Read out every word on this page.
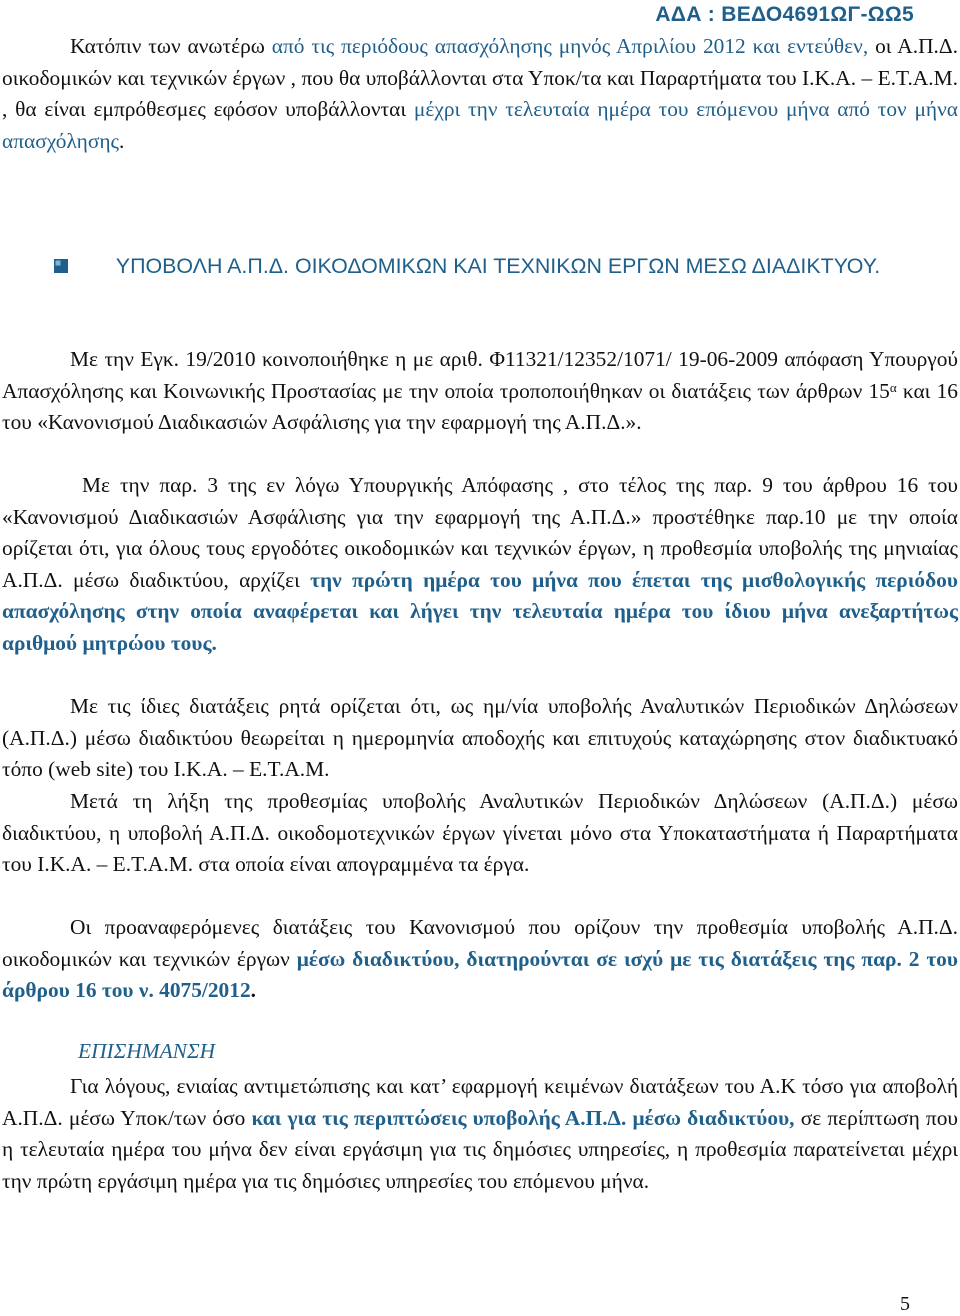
ΑΔΑ : ΒΕΔΟ4691ΩΓ-ΩΩ5
Κατόπιν των ανωτέρω από τις περιόδους απασχόλησης μηνός Απριλίου 2012 και εντεύθεν, οι Α.Π.Δ. οικοδομικών και τεχνικών έργων , που θα υποβάλλονται στα Υποκ/τα και Παραρτήματα του Ι.Κ.Α. – Ε.Τ.Α.Μ. , θα είναι εμπρόθεσμες εφόσον υποβάλλονται μέχρι την τελευταία ημέρα του επόμενου μήνα από τον μήνα απασχόλησης.
ΥΠΟΒΟΛΗ Α.Π.Δ. ΟΙΚΟΔΟΜΙΚΩΝ ΚΑΙ ΤΕΧΝΙΚΩΝ ΕΡΓΩΝ ΜΕΣΩ ΔΙΑΔΙΚΤΥΟΥ.
Με την Εγκ. 19/2010 κοινοποιήθηκε η με αριθ. Φ11321/12352/1071/ 19-06-2009 απόφαση Υπουργού Απασχόλησης και Κοινωνικής Προστασίας με την οποία τροποποιήθηκαν οι διατάξεις των άρθρων $15^\alpha$ και 16 του «Κανονισμού Διαδικασιών Ασφάλισης για την εφαρμογή της Α.Π.Δ.».
Με την παρ. 3 της εν λόγω Υπουργικής Απόφασης , στο τέλος της παρ. 9 του άρθρου 16 του «Κανονισμού Διαδικασιών Ασφάλισης για την εφαρμογή της Α.Π.Δ.» προστέθηκε παρ.10 με την οποία ορίζεται ότι, για όλους τους εργοδότες οικοδομικών και τεχνικών έργων, η προθεσμία υποβολής της μηνιαίας Α.Π.Δ. μέσω διαδικτύου, αρχίζει την πρώτη ημέρα του μήνα που έπεται της μισθολογικής περιόδου απασχόλησης στην οποία αναφέρεται και λήγει την τελευταία ημέρα του ίδιου μήνα ανεξαρτήτως αριθμού μητρώου τους.
Με τις ίδιες διατάξεις ρητά ορίζεται ότι, ως ημ/νία υποβολής Αναλυτικών Περιοδικών Δηλώσεων (Α.Π.Δ.) μέσω διαδικτύου θεωρείται η ημερομηνία αποδοχής και επιτυχούς καταχώρησης στον διαδικτυακό τόπο (web site) του Ι.Κ.Α. – Ε.Τ.Α.Μ.
Μετά τη λήξη της προθεσμίας υποβολής Αναλυτικών Περιοδικών Δηλώσεων (Α.Π.Δ.) μέσω διαδικτύου, η υποβολή Α.Π.Δ. οικοδομοτεχνικών έργων γίνεται μόνο στα Υποκαταστήματα ή Παραρτήματα του Ι.Κ.Α. – Ε.Τ.Α.Μ. στα οποία είναι απογραμμένα τα έργα.
Οι προαναφερόμενες διατάξεις του Κανονισμού που ορίζουν την προθεσμία υποβολής Α.Π.Δ. οικοδομικών και τεχνικών έργων μέσω διαδικτύου, διατηρούνται σε ισχύ με τις διατάξεις της παρ. 2 του άρθρου 16 του ν. 4075/2012.
ΕΠΙΣΗΜΑΝΣΗ
Για λόγους, ενιαίας αντιμετώπισης και κατ’ εφαρμογή κειμένων διατάξεων του Α.Κ τόσο για αποβολή Α.Π.Δ. μέσω Υποκ/των όσο και για τις περιπτώσεις υποβολής Α.Π.Δ. μέσω διαδικτύου, σε περίπτωση που η τελευταία ημέρα του μήνα δεν είναι εργάσιμη για τις δημόσιες υπηρεσίες, η προθεσμία παρατείνεται μέχρι την πρώτη εργάσιμη ημέρα για τις δημόσιες υπηρεσίες του επόμενου μήνα.
5
